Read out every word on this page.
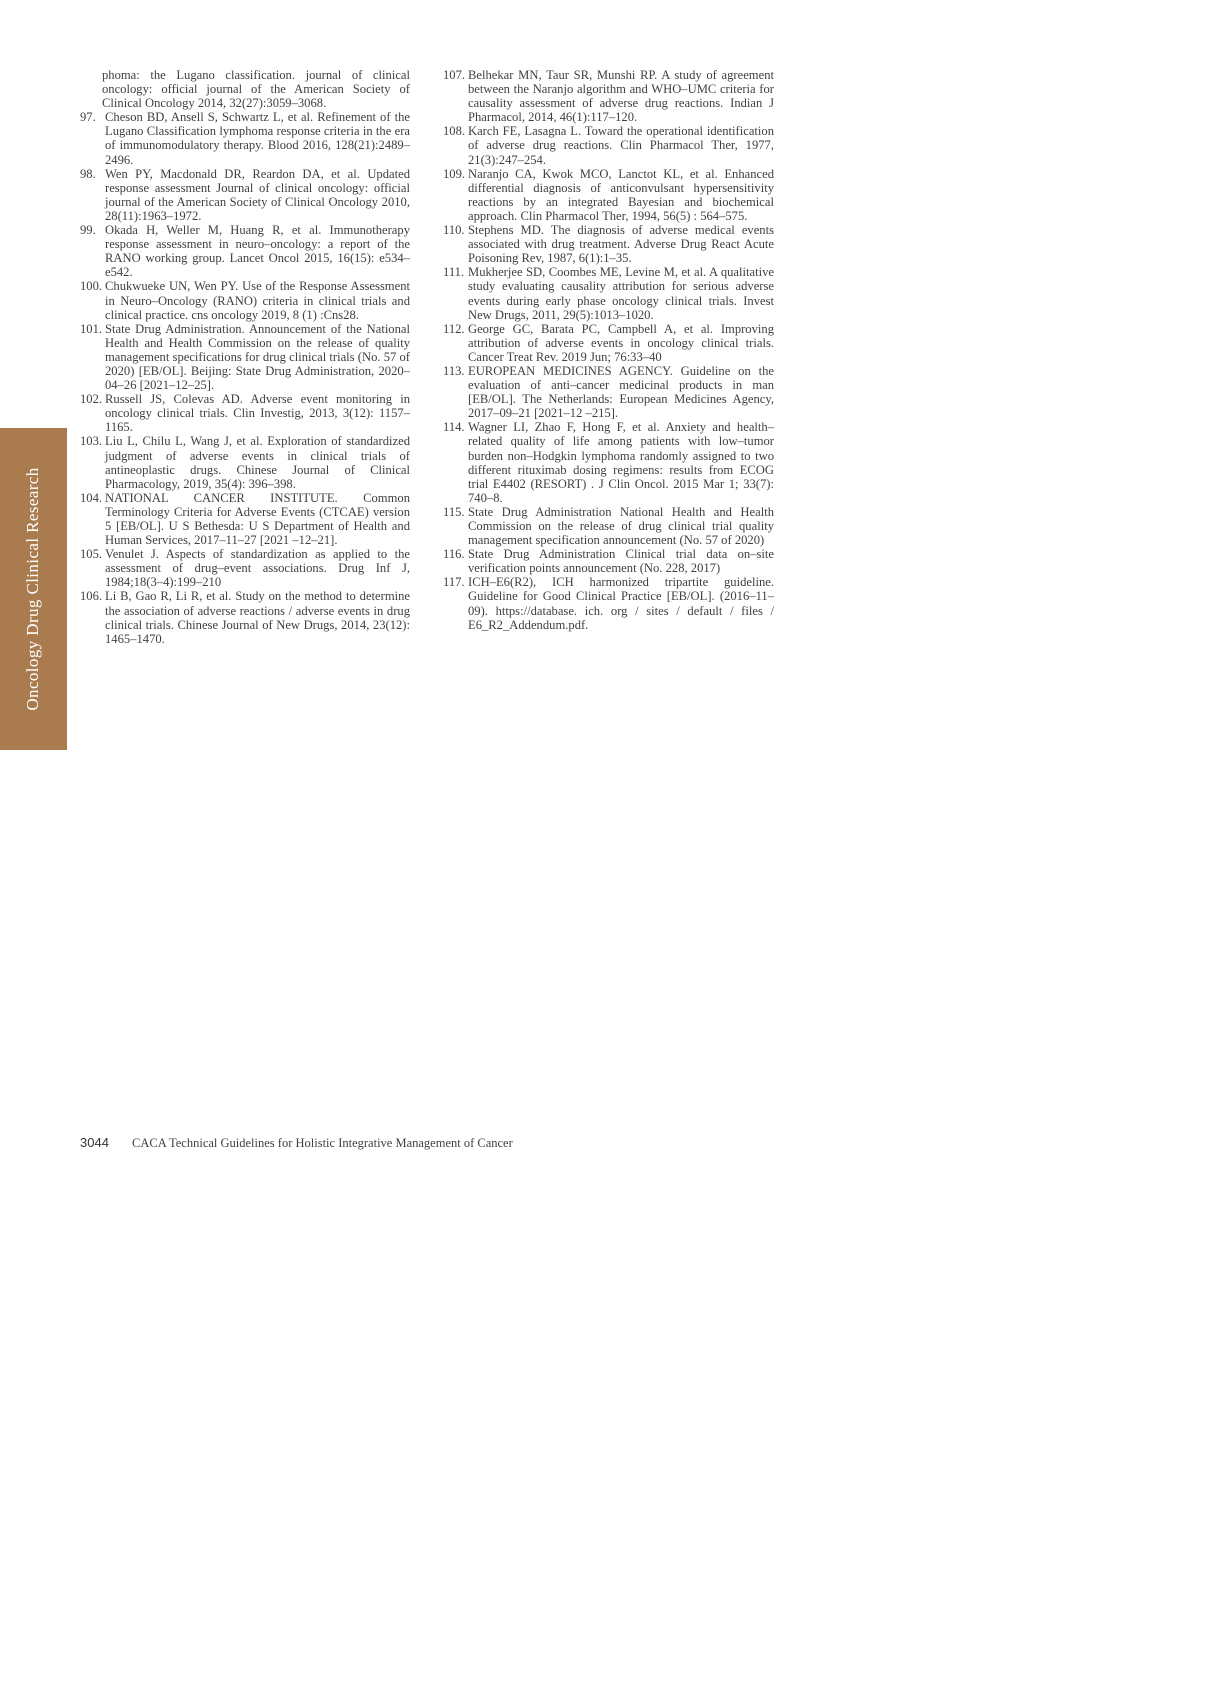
Oncology Drug Clinical Research

phoma: the Lugano classification. journal of clinical oncology: official journal of the American Society of Clinical Oncology 2014, 32(27):3059–3068.

97. Cheson BD, Ansell S, Schwartz L, et al. Refinement of the Lugano Classification lymphoma response criteria in the era of immunomodulatory therapy. Blood 2016, 128(21):2489–2496.

98. Wen PY, Macdonald DR, Reardon DA, et al. Updated response assessment Journal of clinical oncology: official journal of the American Society of Clinical Oncology 2010, 28(11):1963–1972.

99. Okada H, Weller M, Huang R, et al. Immunotherapy response assessment in neuro–oncology: a report of the RANO working group. Lancet Oncol 2015, 16(15): e534–e542.

100. Chukwueke UN, Wen PY. Use of the Response Assessment in Neuro–Oncology (RANO) criteria in clinical trials and clinical practice. cns oncology 2019, 8 (1) :Cns28.

101. State Drug Administration. Announcement of the National Health and Health Commission on the release of quality management specifications for drug clinical trials (No. 57 of 2020) [EB/OL]. Beijing: State Drug Administration, 2020–04–26 [2021–12–25].

102. Russell JS, Colevas AD. Adverse event monitoring in oncology clinical trials. Clin Investig, 2013, 3(12): 1157–1165.

103. Liu L, Chilu L, Wang J, et al. Exploration of standardized judgment of adverse events in clinical trials of antineoplastic drugs. Chinese Journal of Clinical Pharmacology, 2019, 35(4): 396–398.

104. NATIONAL CANCER INSTITUTE. Common Terminology Criteria for Adverse Events (CTCAE) version 5 [EB/OL]. U S Bethesda: U S Department of Health and Human Services, 2017–11–27 [2021 –12–21].

105. Venulet J. Aspects of standardization as applied to the assessment of drug–event associations. Drug Inf J, 1984;18(3–4):199–210

106. Li B, Gao R, Li R, et al. Study on the method to determine the association of adverse reactions / adverse events in drug clinical trials. Chinese Journal of New Drugs, 2014, 23(12): 1465–1470.

107. Belhekar MN, Taur SR, Munshi RP. A study of agreement between the Naranjo algorithm and WHO–UMC criteria for causality assessment of adverse drug reactions. Indian J Pharmacol, 2014, 46(1):117–120.

108. Karch FE, Lasagna L. Toward the operational identification of adverse drug reactions. Clin Pharmacol Ther, 1977, 21(3):247–254.

109. Naranjo CA, Kwok MCO, Lanctot KL, et al. Enhanced differential diagnosis of anticonvulsant hypersensitivity reactions by an integrated Bayesian and biochemical approach. Clin Pharmacol Ther, 1994, 56(5) : 564–575.

110. Stephens MD. The diagnosis of adverse medical events associated with drug treatment. Adverse Drug React Acute Poisoning Rev, 1987, 6(1):1–35.

111. Mukherjee SD, Coombes ME, Levine M, et al. A qualitative study evaluating causality attribution for serious adverse events during early phase oncology clinical trials. Invest New Drugs, 2011, 29(5):1013–1020.

112. George GC, Barata PC, Campbell A, et al. Improving attribution of adverse events in oncology clinical trials. Cancer Treat Rev. 2019 Jun; 76:33–40

113. EUROPEAN MEDICINES AGENCY. Guideline on the evaluation of anti–cancer medicinal products in man [EB/OL]. The Netherlands: European Medicines Agency, 2017–09–21 [2021–12 –215].

114. Wagner LI, Zhao F, Hong F, et al. Anxiety and health–related quality of life among patients with low–tumor burden non–Hodgkin lymphoma randomly assigned to two different rituximab dosing regimens: results from ECOG trial E4402 (RESORT) . J Clin Oncol. 2015 Mar 1; 33(7): 740–8.

115. State Drug Administration National Health and Health Commission on the release of drug clinical trial quality management specification announcement (No. 57 of 2020)

116. State Drug Administration Clinical trial data on–site verification points announcement (No. 228, 2017)

117. ICH–E6(R2), ICH harmonized tripartite guideline. Guideline for Good Clinical Practice [EB/OL]. (2016–11–09). https://database. ich. org / sites / default / files / E6_R2_Addendum.pdf.

3044 CACA Technical Guidelines for Holistic Integrative Management of Cancer
